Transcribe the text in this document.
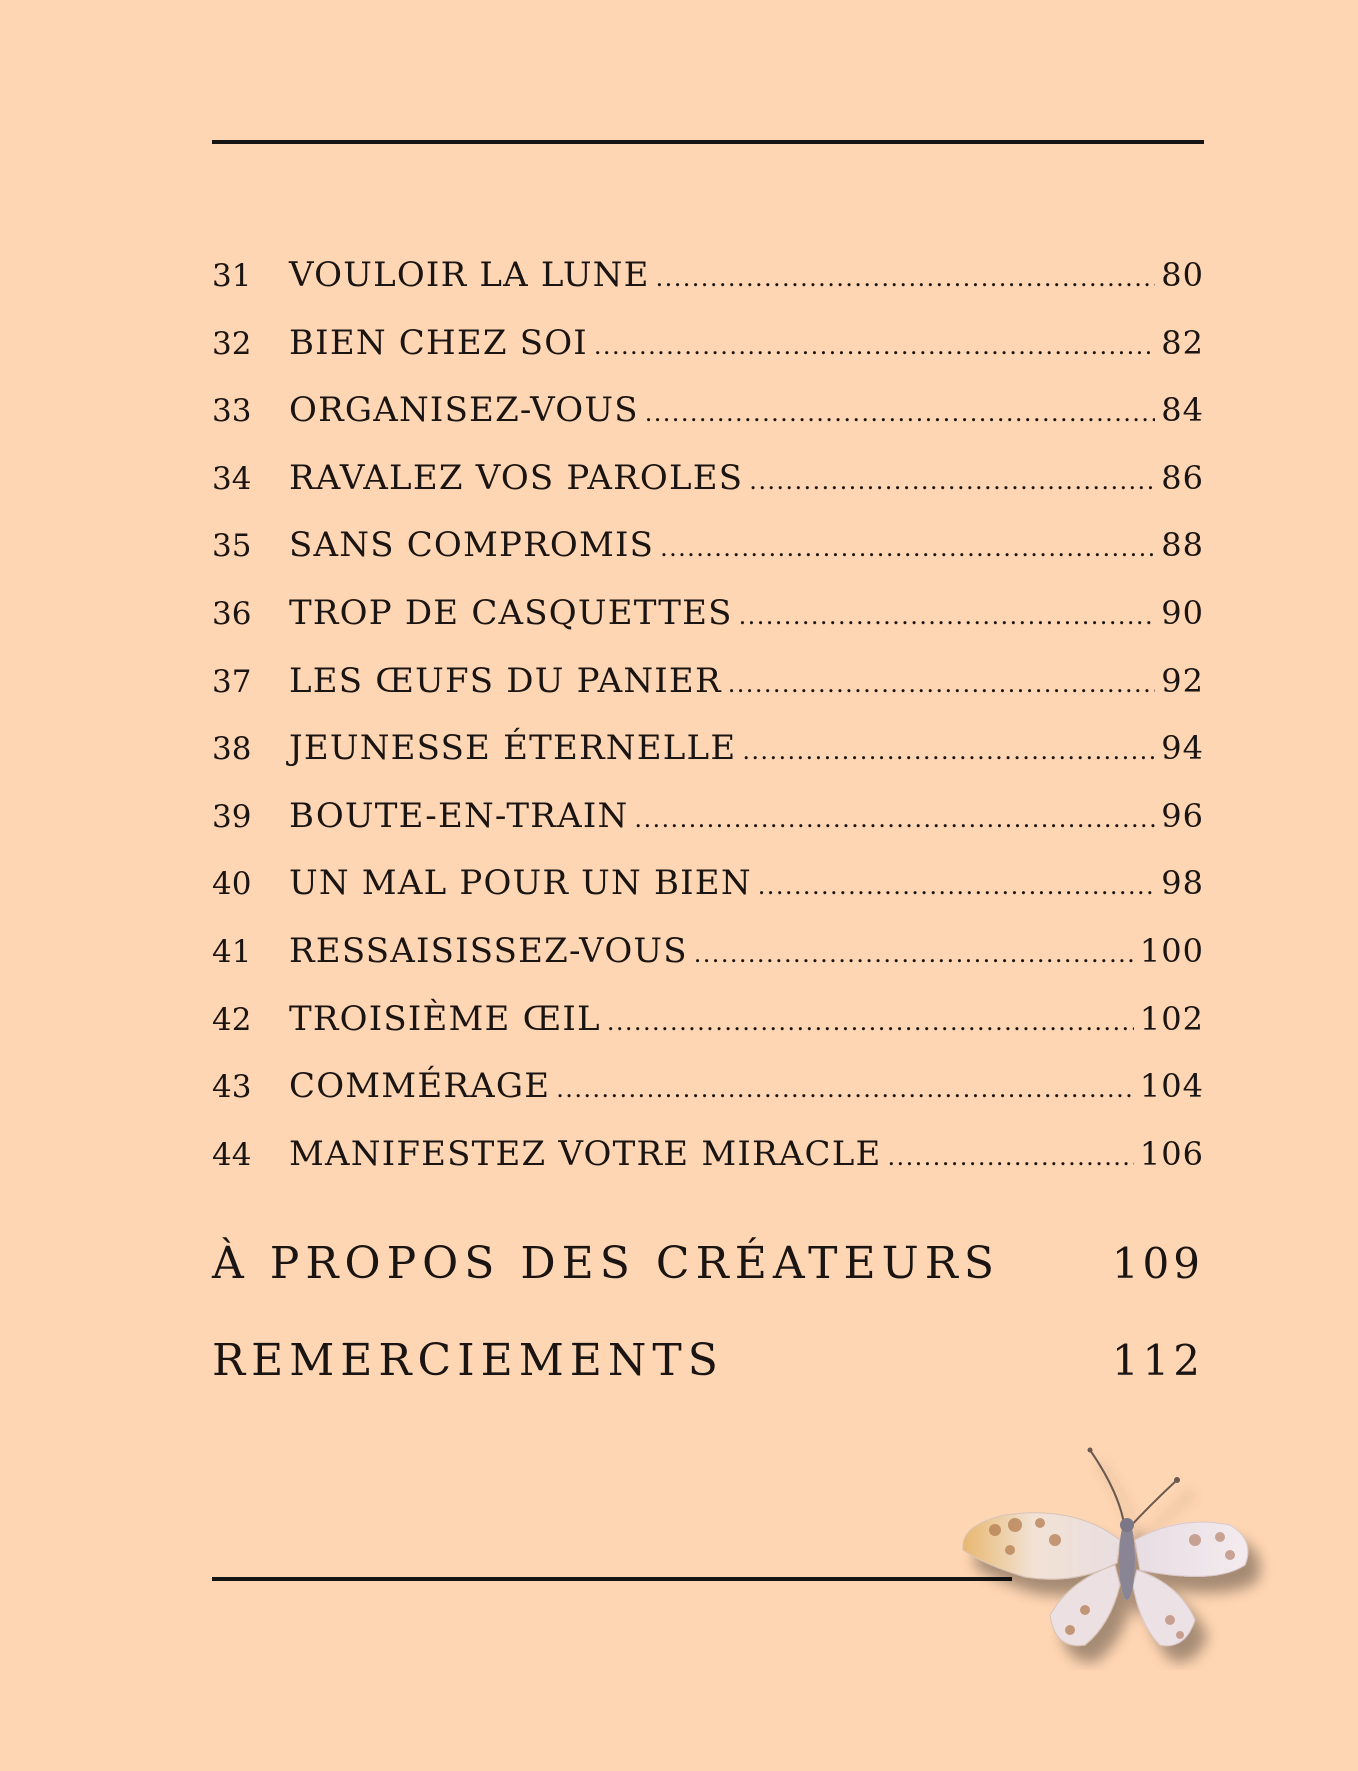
31	VOULOIR LA LUNE .....	80
32	BIEN CHEZ SOI .....	82
33	ORGANISEZ-VOUS .....	84
34	RAVALEZ VOS PAROLES .....	86
35	SANS COMPROMIS .....	88
36	TROP DE CASQUETTES .....	90
37	LES ŒUFS DU PANIER .....	92
38	JEUNESSE ÉTERNELLE .....	94
39	BOUTE-EN-TRAIN .....	96
40	UN MAL POUR UN BIEN .....	98
41	RESSAISISSEZ-VOUS .....	100
42	TROISIÈME ŒIL .....	102
43	COMMÉRAGE .....	104
44	MANIFESTEZ VOTRE MIRACLE .....	106
À PROPOS DES CRÉATEURS	109
REMERCIEMENTS	112
